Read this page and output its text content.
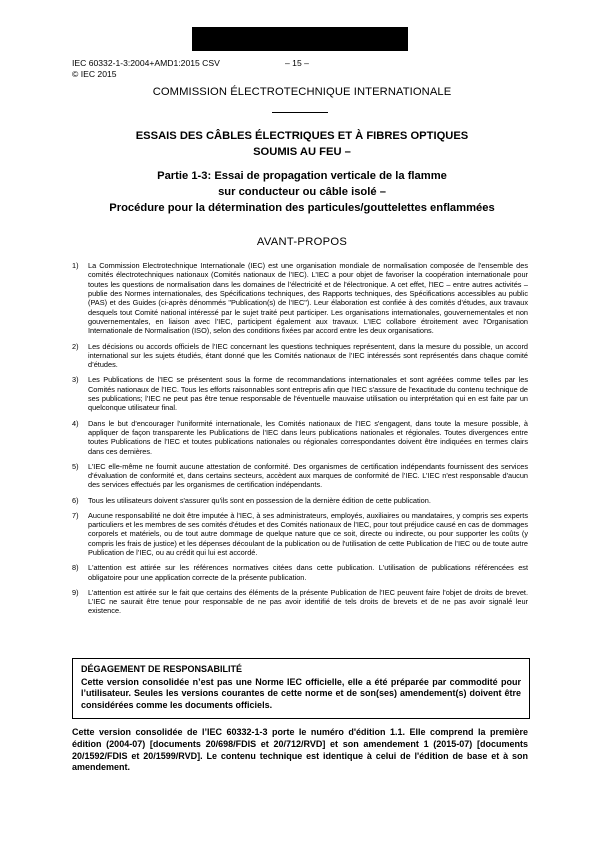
IEC 60332-1-3:2004+AMD1:2015 CSV	– 15 –
© IEC 2015
COMMISSION ÉLECTROTECHNIQUE INTERNATIONALE
ESSAIS DES CÂBLES ÉLECTRIQUES ET À FIBRES OPTIQUES
SOUMIS AU FEU –
Partie 1-3: Essai de propagation verticale de la flamme
sur conducteur ou câble isolé –
Procédure pour la détermination des particules/gouttelettes enflammées
AVANT-PROPOS
1)	La Commission Electrotechnique Internationale (IEC) est une organisation mondiale de normalisation composée de l'ensemble des comités électrotechniques nationaux (Comités nationaux de l’IEC). L’IEC a pour objet de favoriser la coopération internationale pour toutes les questions de normalisation dans les domaines de l'électricité et de l'électronique. A cet effet, l’IEC – entre autres activités – publie des Normes internationales, des Spécifications techniques, des Rapports techniques, des Spécifications accessibles au public (PAS) et des Guides (ci-après dénommés "Publication(s) de l’IEC"). Leur élaboration est confiée à des comités d'études, aux travaux desquels tout Comité national intéressé par le sujet traité peut participer. Les organisations internationales, gouvernementales et non gouvernementales, en liaison avec l’IEC, participent également aux travaux. L’IEC collabore étroitement avec l'Organisation Internationale de Normalisation (ISO), selon des conditions fixées par accord entre les deux organisations.
2)	Les décisions ou accords officiels de l’IEC concernant les questions techniques représentent, dans la mesure du possible, un accord international sur les sujets étudiés, étant donné que les Comités nationaux de l’IEC intéressés sont représentés dans chaque comité d’études.
3)	Les Publications de l’IEC se présentent sous la forme de recommandations internationales et sont agréées comme telles par les Comités nationaux de l’IEC. Tous les efforts raisonnables sont entrepris afin que l’IEC s'assure de l'exactitude du contenu technique de ses publications; l’IEC ne peut pas être tenue responsable de l'éventuelle mauvaise utilisation ou interprétation qui en est faite par un quelconque utilisateur final.
4)	Dans le but d'encourager l'uniformité internationale, les Comités nationaux de l’IEC s'engagent, dans toute la mesure possible, à appliquer de façon transparente les Publications de l’IEC dans leurs publications nationales et régionales. Toutes divergences entre toutes Publications de l’IEC et toutes publications nationales ou régionales correspondantes doivent être indiquées en termes clairs dans ces dernières.
5)	L’IEC elle-même ne fournit aucune attestation de conformité. Des organismes de certification indépendants fournissent des services d'évaluation de conformité et, dans certains secteurs, accèdent aux marques de conformité de l’IEC. L’IEC n'est responsable d'aucun des services effectués par les organismes de certification indépendants.
6)	Tous les utilisateurs doivent s'assurer qu'ils sont en possession de la dernière édition de cette publication.
7)	Aucune responsabilité ne doit être imputée à l’IEC, à ses administrateurs, employés, auxiliaires ou mandataires, y compris ses experts particuliers et les membres de ses comités d'études et des Comités nationaux de l’IEC, pour tout préjudice causé en cas de dommages corporels et matériels, ou de tout autre dommage de quelque nature que ce soit, directe ou indirecte, ou pour supporter les coûts (y compris les frais de justice) et les dépenses découlant de la publication ou de l'utilisation de cette Publication de l’IEC ou de toute autre Publication de l’IEC, ou au crédit qui lui est accordé.
8)	L'attention est attirée sur les références normatives citées dans cette publication. L'utilisation de publications référencées est obligatoire pour une application correcte de la présente publication.
9)	L’attention est attirée sur le fait que certains des éléments de la présente Publication de l’IEC peuvent faire l’objet de droits de brevet. L’IEC ne saurait être tenue pour responsable de ne pas avoir identifié de tels droits de brevets et de ne pas avoir signalé leur existence.
DÉGAGEMENT DE RESPONSABILITÉ
Cette version consolidée n’est pas une Norme IEC officielle, elle a été préparée par commodité pour l’utilisateur. Seules les versions courantes de cette norme et de son(ses) amendement(s) doivent être considérées comme les documents officiels.
Cette version consolidée de l’IEC 60332-1-3 porte le numéro d'édition 1.1. Elle comprend la première édition (2004-07) [documents 20/698/FDIS et 20/712/RVD] et son amendement 1 (2015-07) [documents 20/1592/FDIS et 20/1599/RVD]. Le contenu technique est identique à celui de l'édition de base et à son amendement.
